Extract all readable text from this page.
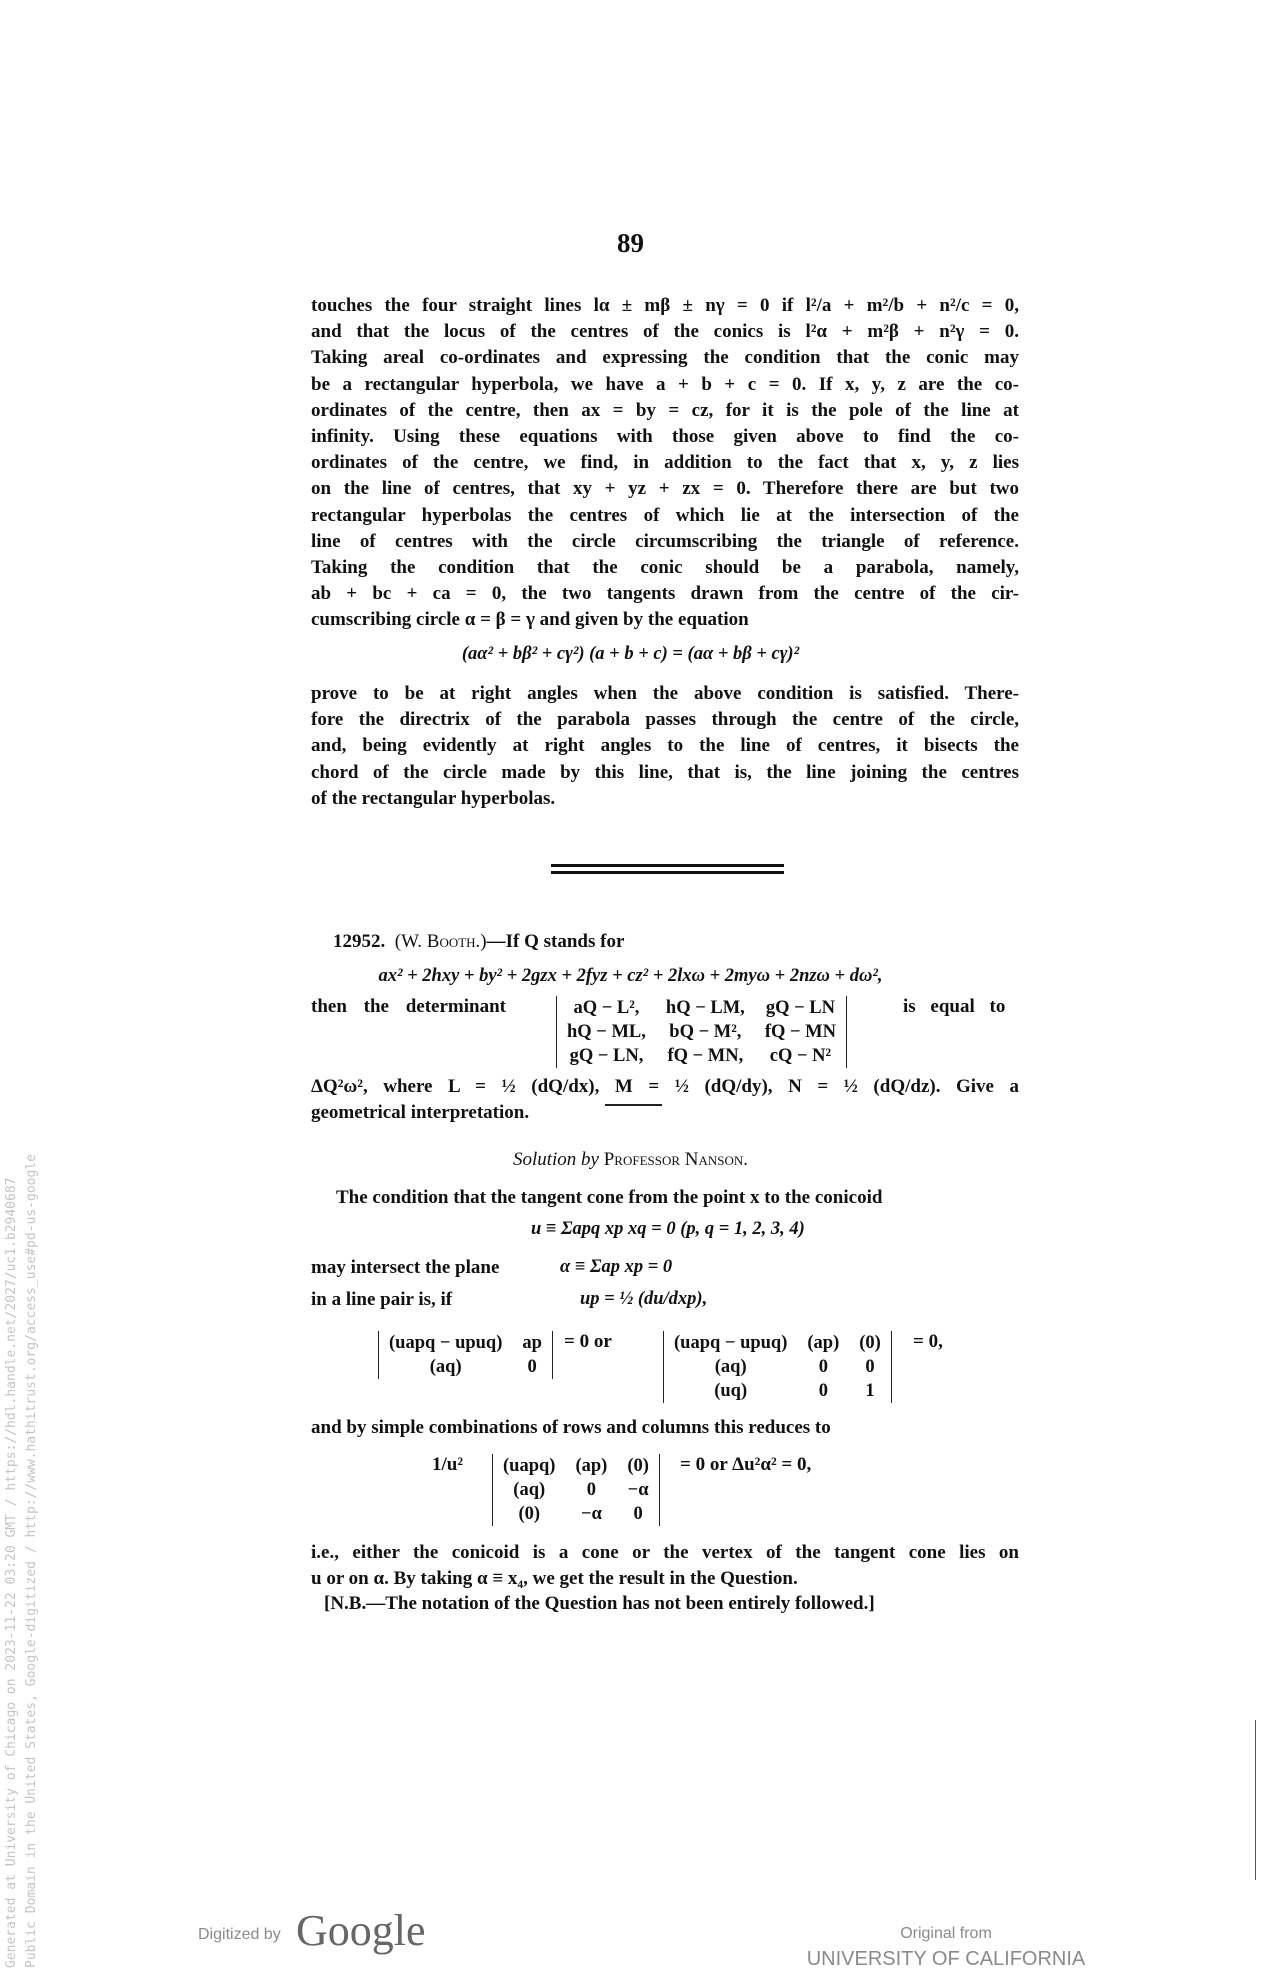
89
touches the four straight lines lα ± mβ ± nγ = 0 if l²/a + m²/b + n²/c = 0,
and that the locus of the centres of the conics is l²α + m²β + n²γ = 0.
Taking areal co-ordinates and expressing the condition that the conic may
be a rectangular hyperbola, we have a + b + c = 0. If x, y, z are the co-
ordinates of the centre, then ax = by = cz, for it is the pole of the line at
infinity. Using these equations with those given above to find the co-
ordinates of the centre, we find, in addition to the fact that x, y, z lies
on the line of centres, that xy + yz + zx = 0. Therefore there are but two
rectangular hyperbolas the centres of which lie at the intersection of the
line of centres with the circle circumscribing the triangle of reference.
Taking the condition that the conic should be a parabola, namely,
ab + bc + ca = 0, the two tangents drawn from the centre of the cir-
cumscribing circle α = β = γ and given by the equation
(aα² + bβ² + cγ²) (a + b + c) = (aα + bβ + cγ)²
prove to be at right angles when the above condition is satisfied. There-
fore the directrix of the parabola passes through the centre of the circle,
and, being evidently at right angles to the line of centres, it bisects the
chord of the circle made by this line, that is, the line joining the centres
of the rectangular hyperbolas.
12952. (W. Booth.)—If Q stands for
ax² + 2hxy + by² + 2gzx + 2fyz + cz² + 2lxω + 2myω + 2nzω + dω²,
then the determinant	aQ − L²,	hQ − LM,	gQ − LN
hQ − ML,	bQ − M²,	fQ − MN
gQ − LN,	fQ − MN,	cQ − N²
is equal to
ΔQ²ω², where L = ½ (dQ/dx), M = ½ (dQ/dy), N = ½ (dQ/dz). Give a
geometrical interpretation.
Solution by Professor Nanson.
The condition that the tangent cone from the point x to the conicoid
u ≡ Σapq xp xq = 0 (p, q = 1, 2, 3, 4)
may intersect the plane	α ≡ Σap xp = 0
in a line pair is, if	up = ½ (du/dxp),
(uapq − upuq)	ap
(aq)	0
= 0 or	(uapq − upuq)	(ap)	(0)
(aq)	0	0
(uq)	0	1
= 0,
and by simple combinations of rows and columns this reduces to
1/u² (uapq)	(ap)	(0)
(aq)	0	−α
(0)	−α	0
= 0 or Δu²α² = 0,
i.e., either the conicoid is a cone or the vertex of the tangent cone lies on
u or on α. By taking α ≡ x₄, we get the result in the Question.
[N.B.—The notation of the Question has not been entirely followed.]
Generated at University of Chicago on 2023-11-22 03:20 GMT / https://hdl.handle.net/2027/uc1.b2940687 Public Domain in the United States, Google-digitized / http://www.hathitrust.org/access_use#pd-us-google	Digitized by Google	Original from
UNIVERSITY OF CALIFORNIA
